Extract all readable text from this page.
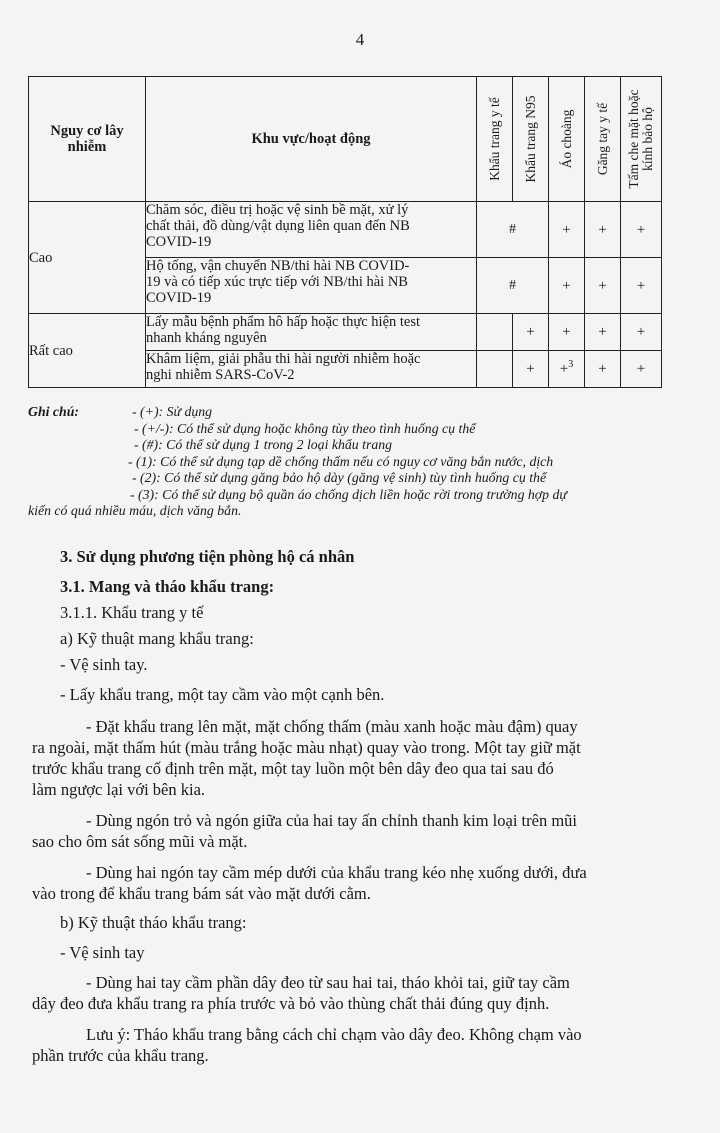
4
Nguy cơ lây
nhiễm	Khu vực/hoạt động	Khẩu trang y tế	Khẩu trang N95	Áo choàng	Găng tay y tế	Tấm che mặt hoặc
kính bảo hộ

Cao	Chăm sóc, điều trị hoặc vệ sinh bề mặt, xử lý
chất thải, đồ dùng/vật dụng liên quan đến NB
COVID-19	#		+	+	+

	Hộ tống, vận chuyển NB/thi hài NB COVID-
19 và có tiếp xúc trực tiếp với NB/thi hài NB
COVID-19	#		+	+	+
Rất cao	Lấy mẫu bệnh phẩm hô hấp hoặc thực hiện test
nhanh kháng nguyên		+	+	+	+

	Khâm liệm, giải phẫu thi hài người nhiễm hoặc
nghi nhiễm SARS-CoV-2		+	+$^3$	+	+
Ghi chú:	- (+): Sử dụng
- (+/-): Có thể sử dụng hoặc không tùy theo tình huống cụ thể
- (#): Có thể sử dụng 1 trong 2 loại khẩu trang
- (1): Có thể sử dụng tạp dề chống thấm nếu có nguy cơ văng bắn nước, dịch
- (2): Có thể sử dụng găng bảo hộ dày (găng vệ sinh) tùy tình huống cụ thể
- (3): Có thể sử dụng bộ quần áo chống dịch liền hoặc rời trong trường hợp dự
kiến có quá nhiều máu, dịch văng bắn.
3. Sử dụng phương tiện phòng hộ cá nhân
3.1. Mang và tháo khẩu trang:
3.1.1. Khẩu trang y tế
a) Kỹ thuật mang khẩu trang:
- Vệ sinh tay.
- Lấy khẩu trang, một tay cầm vào một cạnh bên.
- Đặt khẩu trang lên mặt, mặt chống thấm (màu xanh hoặc màu đậm) quay
ra ngoài, mặt thấm hút (màu trắng hoặc màu nhạt) quay vào trong. Một tay giữ mặt
trước khẩu trang cố định trên mặt, một tay luồn một bên dây đeo qua tai sau đó
làm ngược lại với bên kia.
- Dùng ngón trỏ và ngón giữa của hai tay ấn chỉnh thanh kim loại trên mũi
sao cho ôm sát sống mũi và mặt.
- Dùng hai ngón tay cầm mép dưới của khẩu trang kéo nhẹ xuống dưới, đưa
vào trong để khẩu trang bám sát vào mặt dưới cằm.
b) Kỹ thuật tháo khẩu trang:
- Vệ sinh tay
- Dùng hai tay cầm phần dây đeo từ sau hai tai, tháo khỏi tai, giữ tay cầm
dây đeo đưa khẩu trang ra phía trước và bỏ vào thùng chất thải đúng quy định.
Lưu ý: Tháo khẩu trang bằng cách chỉ chạm vào dây đeo. Không chạm vào
phần trước của khẩu trang.
